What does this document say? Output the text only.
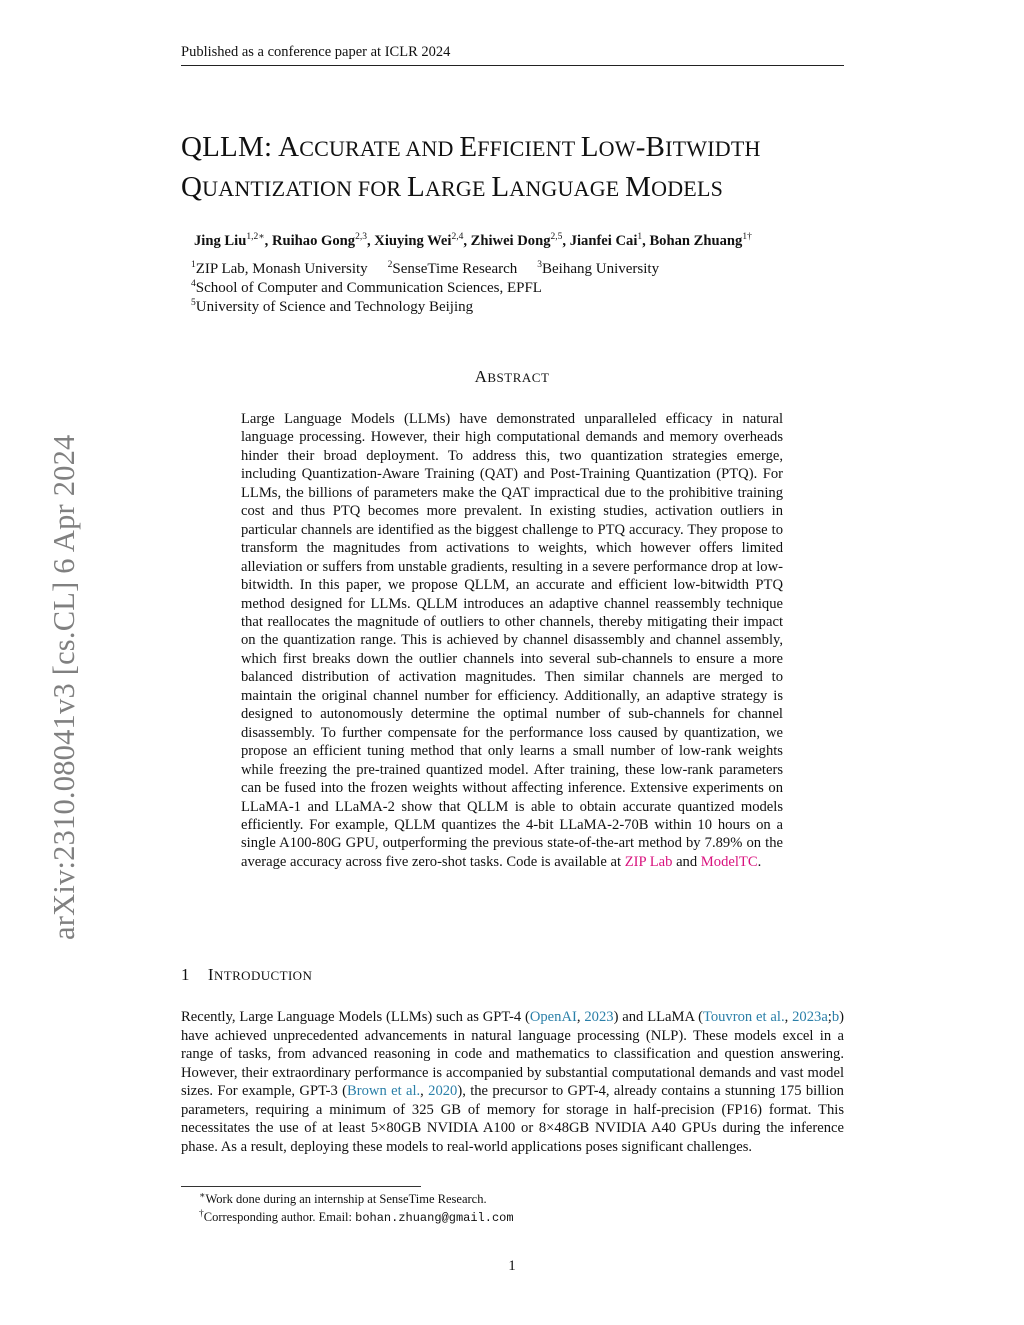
Published as a conference paper at ICLR 2024
arXiv:2310.08041v3 [cs.CL] 6 Apr 2024
QLLM: ACCURATE AND EFFICIENT LOW-BITWIDTH
QUANTIZATION FOR LARGE LANGUAGE MODELS
Jing Liu$^{1,2∗}$, Ruihao Gong$^{2,3}$, Xiuying Wei$^{2,4}$, Zhiwei Dong$^{2,5}$, Jianfei Cai$^1$, Bohan Zhuang$^{1\dagger}$
$^1$ZIP Lab, Monash University $^2$SenseTime Research $^3$Beihang University
$^4$School of Computer and Communication Sciences, EPFL
$^5$University of Science and Technology Beijing
ABSTRACT
Large Language Models (LLMs) have demonstrated unparalleled efficacy in natural language processing. However, their high computational demands and memory overheads hinder their broad deployment. To address this, two quantization strategies emerge, including Quantization-Aware Training (QAT) and Post-Training Quantization (PTQ). For LLMs, the billions of parameters make the QAT impractical due to the prohibitive training cost and thus PTQ becomes more prevalent. In existing studies, activation outliers in particular channels are identified as the biggest challenge to PTQ accuracy. They propose to transform the magnitudes from activations to weights, which however offers limited alleviation or suffers from unstable gradients, resulting in a severe performance drop at low-bitwidth. In this paper, we propose QLLM, an accurate and efficient low-bitwidth PTQ method designed for LLMs. QLLM introduces an adaptive channel reassembly technique that reallocates the magnitude of outliers to other channels, thereby mitigating their impact on the quantization range. This is achieved by channel disassembly and channel assembly, which first breaks down the outlier channels into several sub-channels to ensure a more balanced distribution of activation magnitudes. Then similar channels are merged to maintain the original channel number for efficiency. Additionally, an adaptive strategy is designed to autonomously determine the optimal number of sub-channels for channel disassembly. To further compensate for the performance loss caused by quantization, we propose an efficient tuning method that only learns a small number of low-rank weights while freezing the pre-trained quantized model. After training, these low-rank parameters can be fused into the frozen weights without affecting inference. Extensive experiments on LLaMA-1 and LLaMA-2 show that QLLM is able to obtain accurate quantized models efficiently. For example, QLLM quantizes the 4-bit LLaMA-2-70B within 10 hours on a single A100-80G GPU, outperforming the previous state-of-the-art method by 7.89% on the average accuracy across five zero-shot tasks. Code is available at ZIP Lab and ModelTC.
1 INTRODUCTION
Recently, Large Language Models (LLMs) such as GPT-4 (OpenAI, 2023) and LLaMA (Touvron et al., 2023a;b) have achieved unprecedented advancements in natural language processing (NLP). These models excel in a range of tasks, from advanced reasoning in code and mathematics to classification and question answering. However, their extraordinary performance is accompanied by substantial computational demands and vast model sizes. For example, GPT-3 (Brown et al., 2020), the precursor to GPT-4, already contains a stunning 175 billion parameters, requiring a minimum of 325 GB of memory for storage in half-precision (FP16) format. This necessitates the use of at least 5×80GB NVIDIA A100 or 8×48GB NVIDIA A40 GPUs during the inference phase. As a result, deploying these models to real-world applications poses significant challenges.
∗Work done during an internship at SenseTime Research.
†Corresponding author. Email: bohan.zhuang@gmail.com
1
